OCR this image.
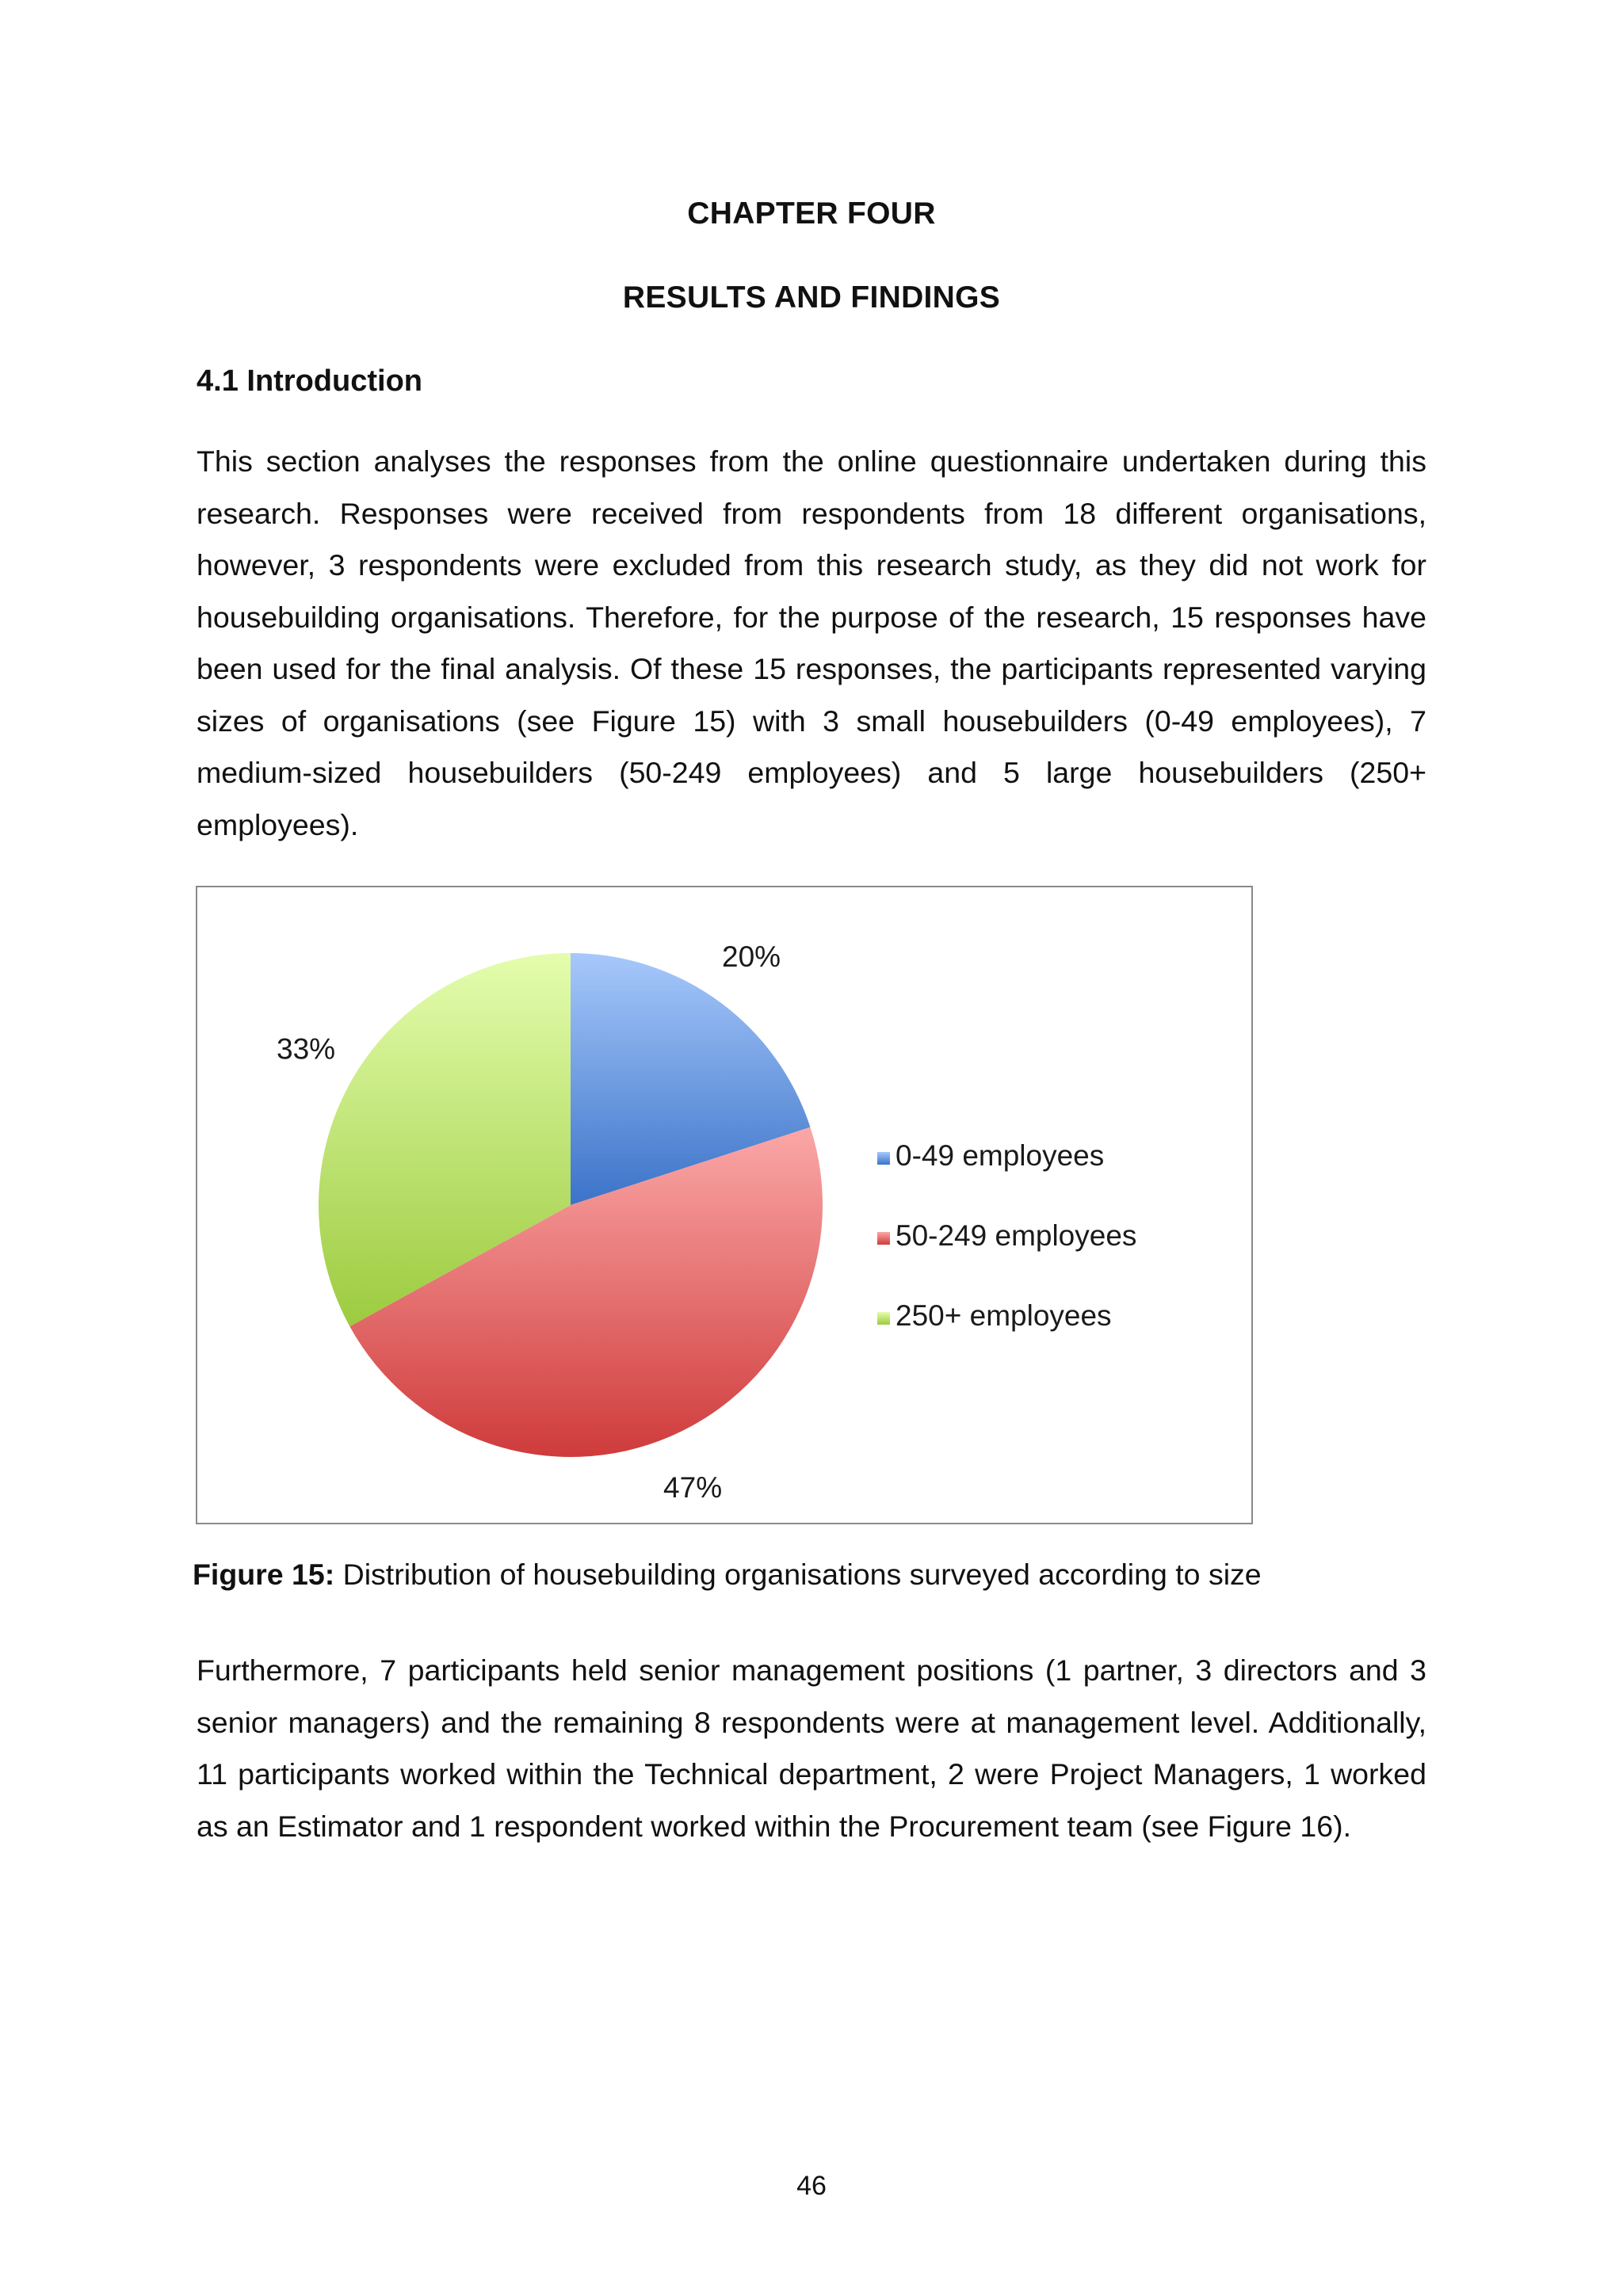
CHAPTER FOUR
RESULTS AND FINDINGS
4.1 Introduction
This section analyses the responses from the online questionnaire undertaken during this research. Responses were received from respondents from 18 different organisations, however, 3 respondents were excluded from this research study, as they did not work for housebuilding organisations. Therefore, for the purpose of the research, 15 responses have been used for the final analysis. Of these 15 responses, the participants represented varying sizes of organisations (see Figure 15) with 3 small housebuilders (0-49 employees), 7 medium-sized housebuilders (50-249 employees) and 5 large housebuilders (250+ employees).
20%
47%
33%
0-49 employees
50-249 employees
250+ employees
Figure 15: Distribution of housebuilding organisations surveyed according to size
Furthermore, 7 participants held senior management positions (1 partner, 3 directors and 3 senior managers) and the remaining 8 respondents were at management level. Additionally, 11 participants worked within the Technical department, 2 were Project Managers, 1 worked as an Estimator and 1 respondent worked within the Procurement team (see Figure 16).
46
